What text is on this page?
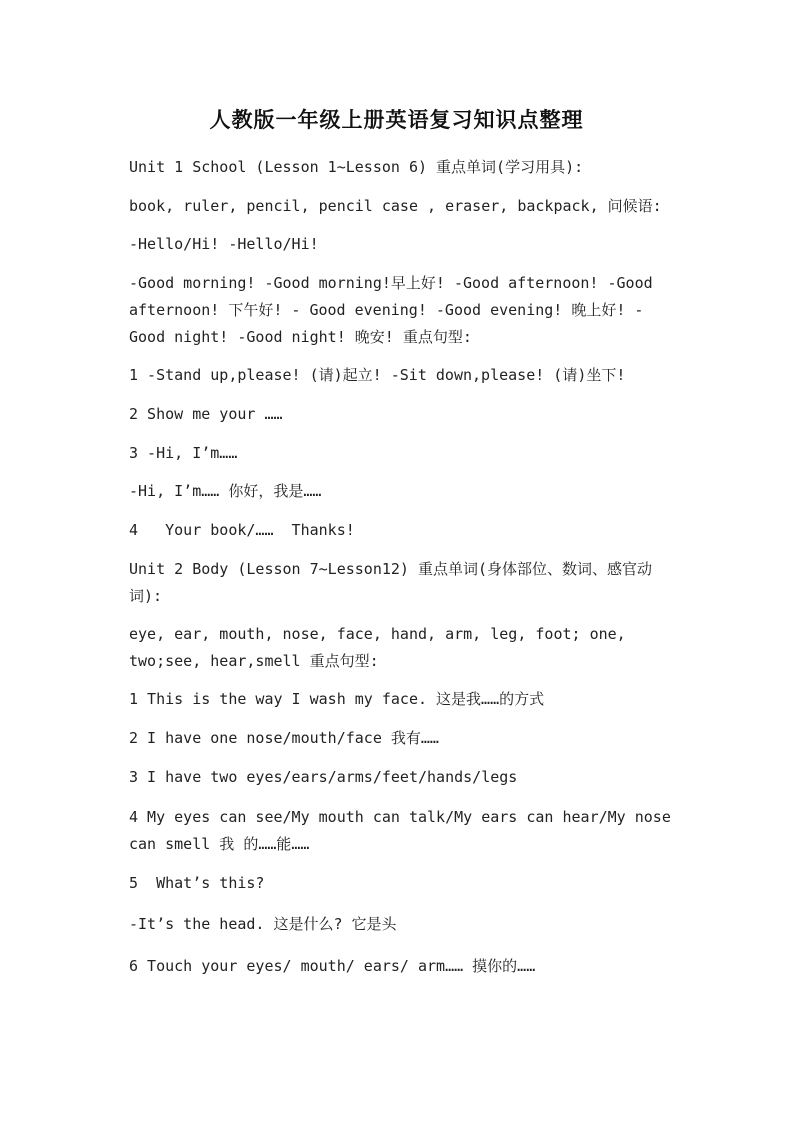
人教版一年级上册英语复习知识点整理
Unit 1 School (Lesson 1~Lesson 6) 重点单词(学习用具):
book, ruler, pencil, pencil case , eraser, backpack, 问候语:
-Hello/Hi! -Hello/Hi!
-Good morning! -Good morning!早上好! -Good afternoon! -Good afternoon! 下午好! - Good evening! -Good evening! 晚上好! - Good night! -Good night! 晚安! 重点句型:
1 -Stand up,please! (请)起立! -Sit down,please! (请)坐下!
2 Show me your ……
3 -Hi, I’m……
-Hi, I’m…… 你好，我是……
4   Your book/……  Thanks!
Unit 2 Body (Lesson 7~Lesson12) 重点单词(身体部位、数词、感官动词):
eye, ear, mouth, nose, face, hand, arm, leg, foot; one, two;see, hear,smell 重点句型:
1 This is the way I wash my face. 这是我……的方式
2 I have one nose/mouth/face 我有……
3 I have two eyes/ears/arms/feet/hands/legs
4 My eyes can see/My mouth can talk/My ears can hear/My nose can smell 我 的……能……
5  What’s this?
-It’s the head. 这是什么? 它是头
6 Touch your eyes/ mouth/ ears/ arm…… 摸你的……
